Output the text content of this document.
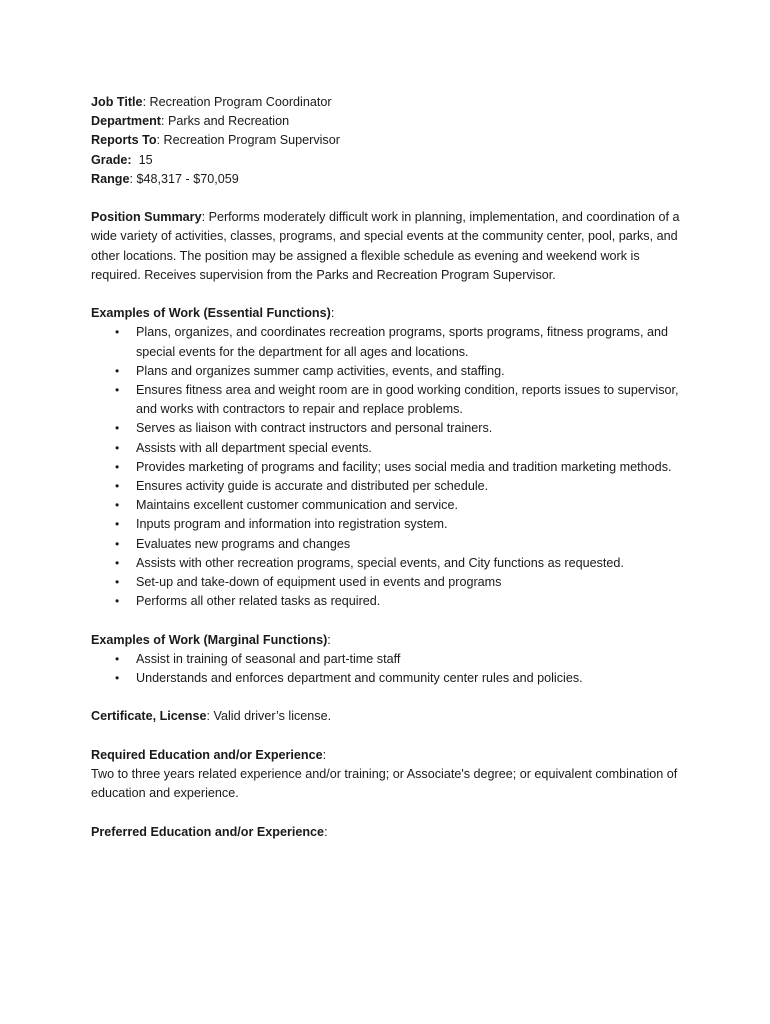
Job Title: Recreation Program Coordinator

Department: Parks and Recreation

Reports To: Recreation Program Supervisor

Grade:  15

Range: $48,317 - $70,059

Position Summary: Performs moderately difficult work in planning, implementation, and coordination of a wide variety of activities, classes, programs, and special events at the community center, pool, parks, and other locations. The position may be assigned a flexible schedule as evening and weekend work is required. Receives supervision from the Parks and Recreation Program Supervisor.

Examples of Work (Essential Functions):

• Plans, organizes, and coordinates recreation programs, sports programs, fitness programs, and special events for the department for all ages and locations.
• Plans and organizes summer camp activities, events, and staffing.
• Ensures fitness area and weight room are in good working condition, reports issues to supervisor, and works with contractors to repair and replace problems.
• Serves as liaison with contract instructors and personal trainers.
• Assists with all department special events.
• Provides marketing of programs and facility; uses social media and tradition marketing methods.
• Ensures activity guide is accurate and distributed per schedule.
• Maintains excellent customer communication and service.
• Inputs program and information into registration system.
• Evaluates new programs and changes
• Assists with other recreation programs, special events, and City functions as requested.
• Set-up and take-down of equipment used in events and programs
• Performs all other related tasks as required.

Examples of Work (Marginal Functions):

• Assist in training of seasonal and part-time staff
• Understands and enforces department and community center rules and policies.

Certificate, License: Valid driver’s license.

Required Education and/or Experience:

Two to three years related experience and/or training; or Associate's degree; or equivalent combination of education and experience.

Preferred Education and/or Experience:
